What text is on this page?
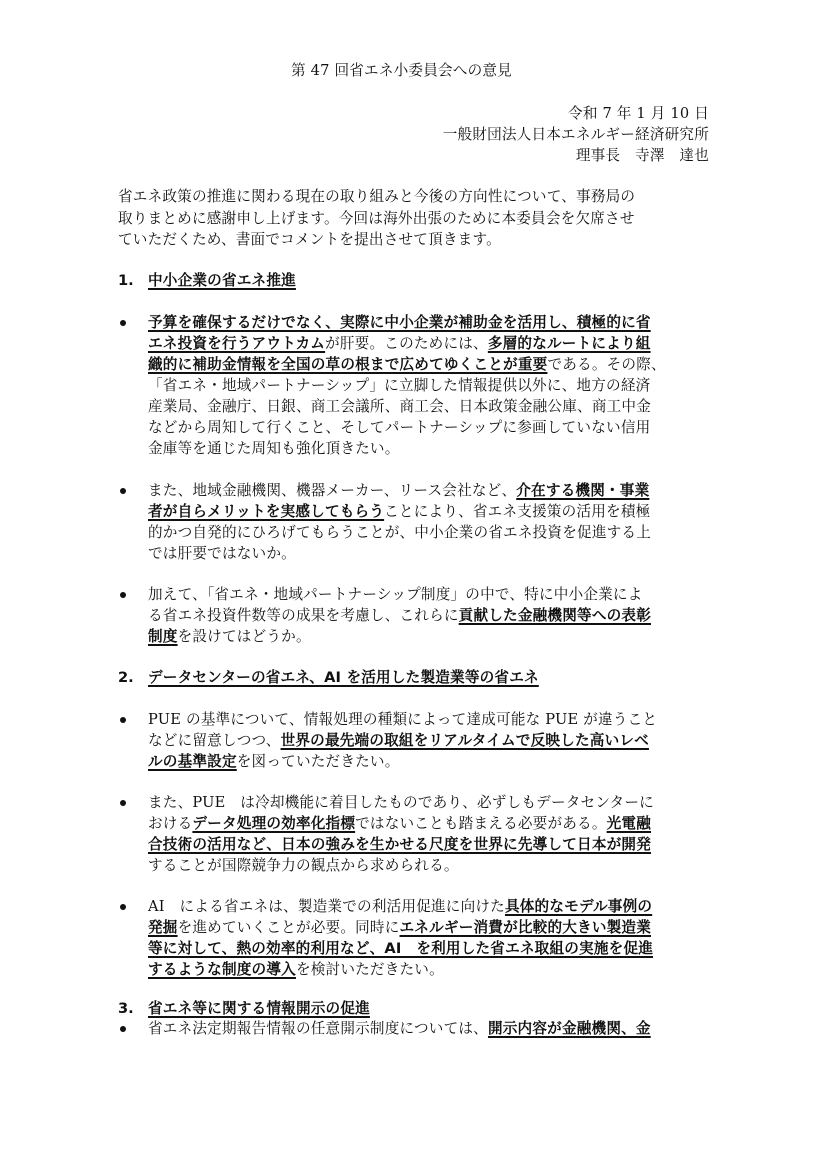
第 47 回省エネ小委員会への意見
令和 7 年 1 月 10 日
一般財団法人日本エネルギー経済研究所
理事長　寺澤　達也
省エネ政策の推進に関わる現在の取り組みと今後の方向性について、事務局の
取りまとめに感謝申し上げます。今回は海外出張のために本委員会を欠席させ
ていただくため、書面でコメントを提出させて頂きます。
1. 中小企業の省エネ推進
予算を確保するだけでなく、実際に中小企業が補助金を活用し、積極的に省
エネ投資を行うアウトカムが肝要。このためには、多層的なルートにより組
織的に補助金情報を全国の草の根まで広めてゆくことが重要である。その際、
「省エネ・地域パートナーシップ」に立脚した情報提供以外に、地方の経済
産業局、金融庁、日銀、商工会議所、商工会、日本政策金融公庫、商工中金
などから周知して行くこと、そしてパートナーシップに参画していない信用
金庫等を通じた周知も強化頂きたい。
また、地域金融機関、機器メーカー、リース会社など、介在する機関・事業
者が自らメリットを実感してもらうことにより、省エネ支援策の活用を積極
的かつ自発的にひろげてもらうことが、中小企業の省エネ投資を促進する上
では肝要ではないか。
加えて、「省エネ・地域パートナーシップ制度」の中で、特に中小企業によ
る省エネ投資件数等の成果を考慮し、これらに貢献した金融機関等への表彰
制度を設けてはどうか。
2. データセンターの省エネ、AI を活用した製造業等の省エネ
PUE の基準について、情報処理の種類によって達成可能な PUE が違うこと
などに留意しつつ、世界の最先端の取組をリアルタイムで反映した高いレベ
ルの基準設定を図っていただきたい。
また、PUE　は冷却機能に着目したものであり、必ずしもデータセンターに
おけるデータ処理の効率化指標ではないことも踏まえる必要がある。光電融
合技術の活用など、日本の強みを生かせる尺度を世界に先導して日本が開発
することが国際競争力の観点から求められる。
AI　による省エネは、製造業での利活用促進に向けた具体的なモデル事例の
発掘を進めていくことが必要。同時にエネルギー消費が比較的大きい製造業
等に対して、熱の効率的利用など、AI　を利用した省エネ取組の実施を促進
するような制度の導入を検討いただきたい。
3. 省エネ等に関する情報開示の促進
省エネ法定期報告情報の任意開示制度については、開示内容が金融機関、金
